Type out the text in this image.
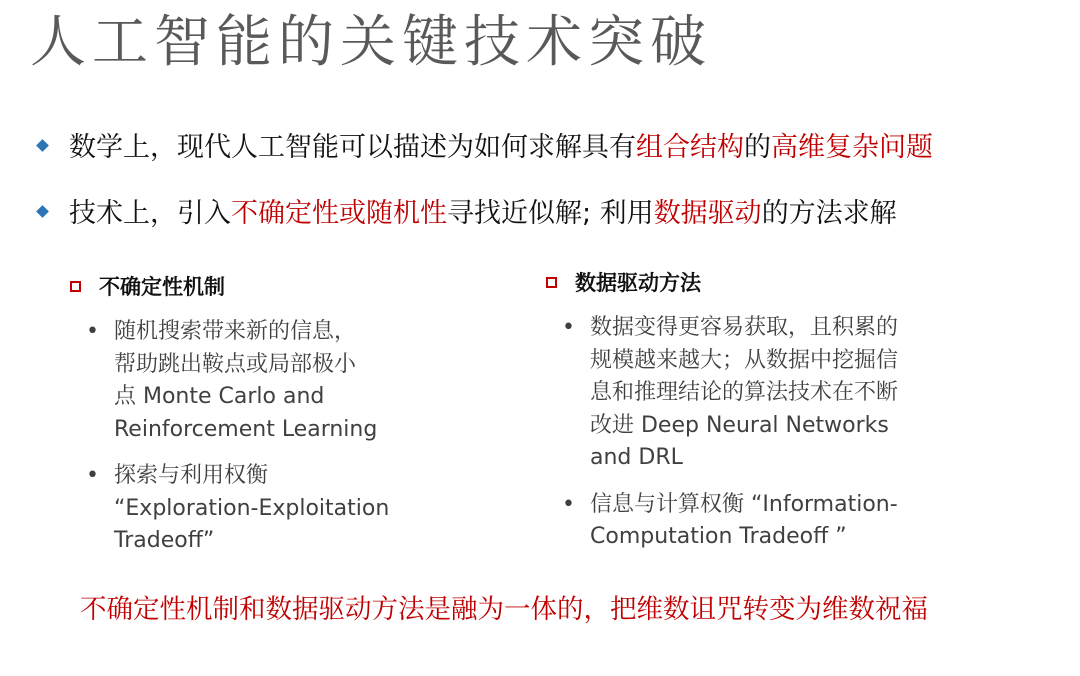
人工智能的关键技术突破
数学上，现代人工智能可以描述为如何求解具有组合结构的高维复杂问题
技术上，引入不确定性或随机性寻找近似解; 利用数据驱动的方法求解
不确定性机制
• 随机搜索带来新的信息，
帮助跳出鞍点或局部极小
点 Monte Carlo and
Reinforcement Learning
• 探索与利用权衡
“Exploration-Exploitation
Tradeoff”
数据驱动方法
• 数据变得更容易获取，且积累的
规模越来越大；从数据中挖掘信
息和推理结论的算法技术在不断
改进 Deep Neural Networks
and DRL
• 信息与计算权衡 “Information-
Computation Tradeoff ”
不确定性机制和数据驱动方法是融为一体的，把维数诅咒转变为维数祝福
